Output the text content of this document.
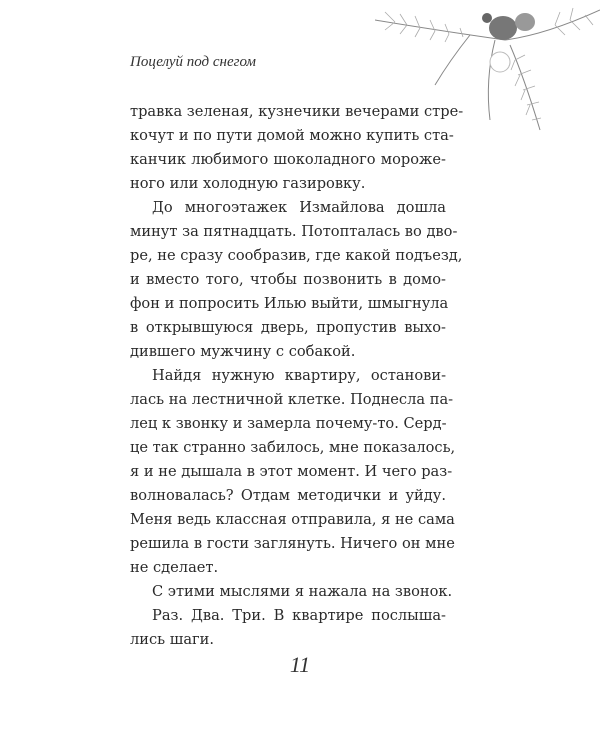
Поцелуй под снегом
травка зеленая, кузнечики вечерами стре-
кочут и по пути домой можно купить ста-
канчик любимого шоколадного мороже-
ного или холодную газировку.
До многоэтажек Измайлова дошла
минут за пятнадцать. Потопталась во дво-
ре, не сразу сообразив, где какой подъезд,
и вместо того, чтобы позвонить в домо-
фон и попросить Илью выйти, шмыгнула
в открывшуюся дверь, пропустив выхо-
дившего мужчину с собакой.
Найдя нужную квартиру, останови-
лась на лестничной клетке. Поднесла па-
лец к звонку и замерла почему-то. Серд-
це так странно забилось, мне показалось,
я и не дышала в этот момент. И чего раз-
волновалась? Отдам методички и уйду.
Меня ведь классная отправила, я не сама
решила в гости заглянуть. Ничего он мне
не сделает.
С этими мыслями я нажала на звонок.
Раз. Два. Три. В квартире послыша-
лись шаги.
11
